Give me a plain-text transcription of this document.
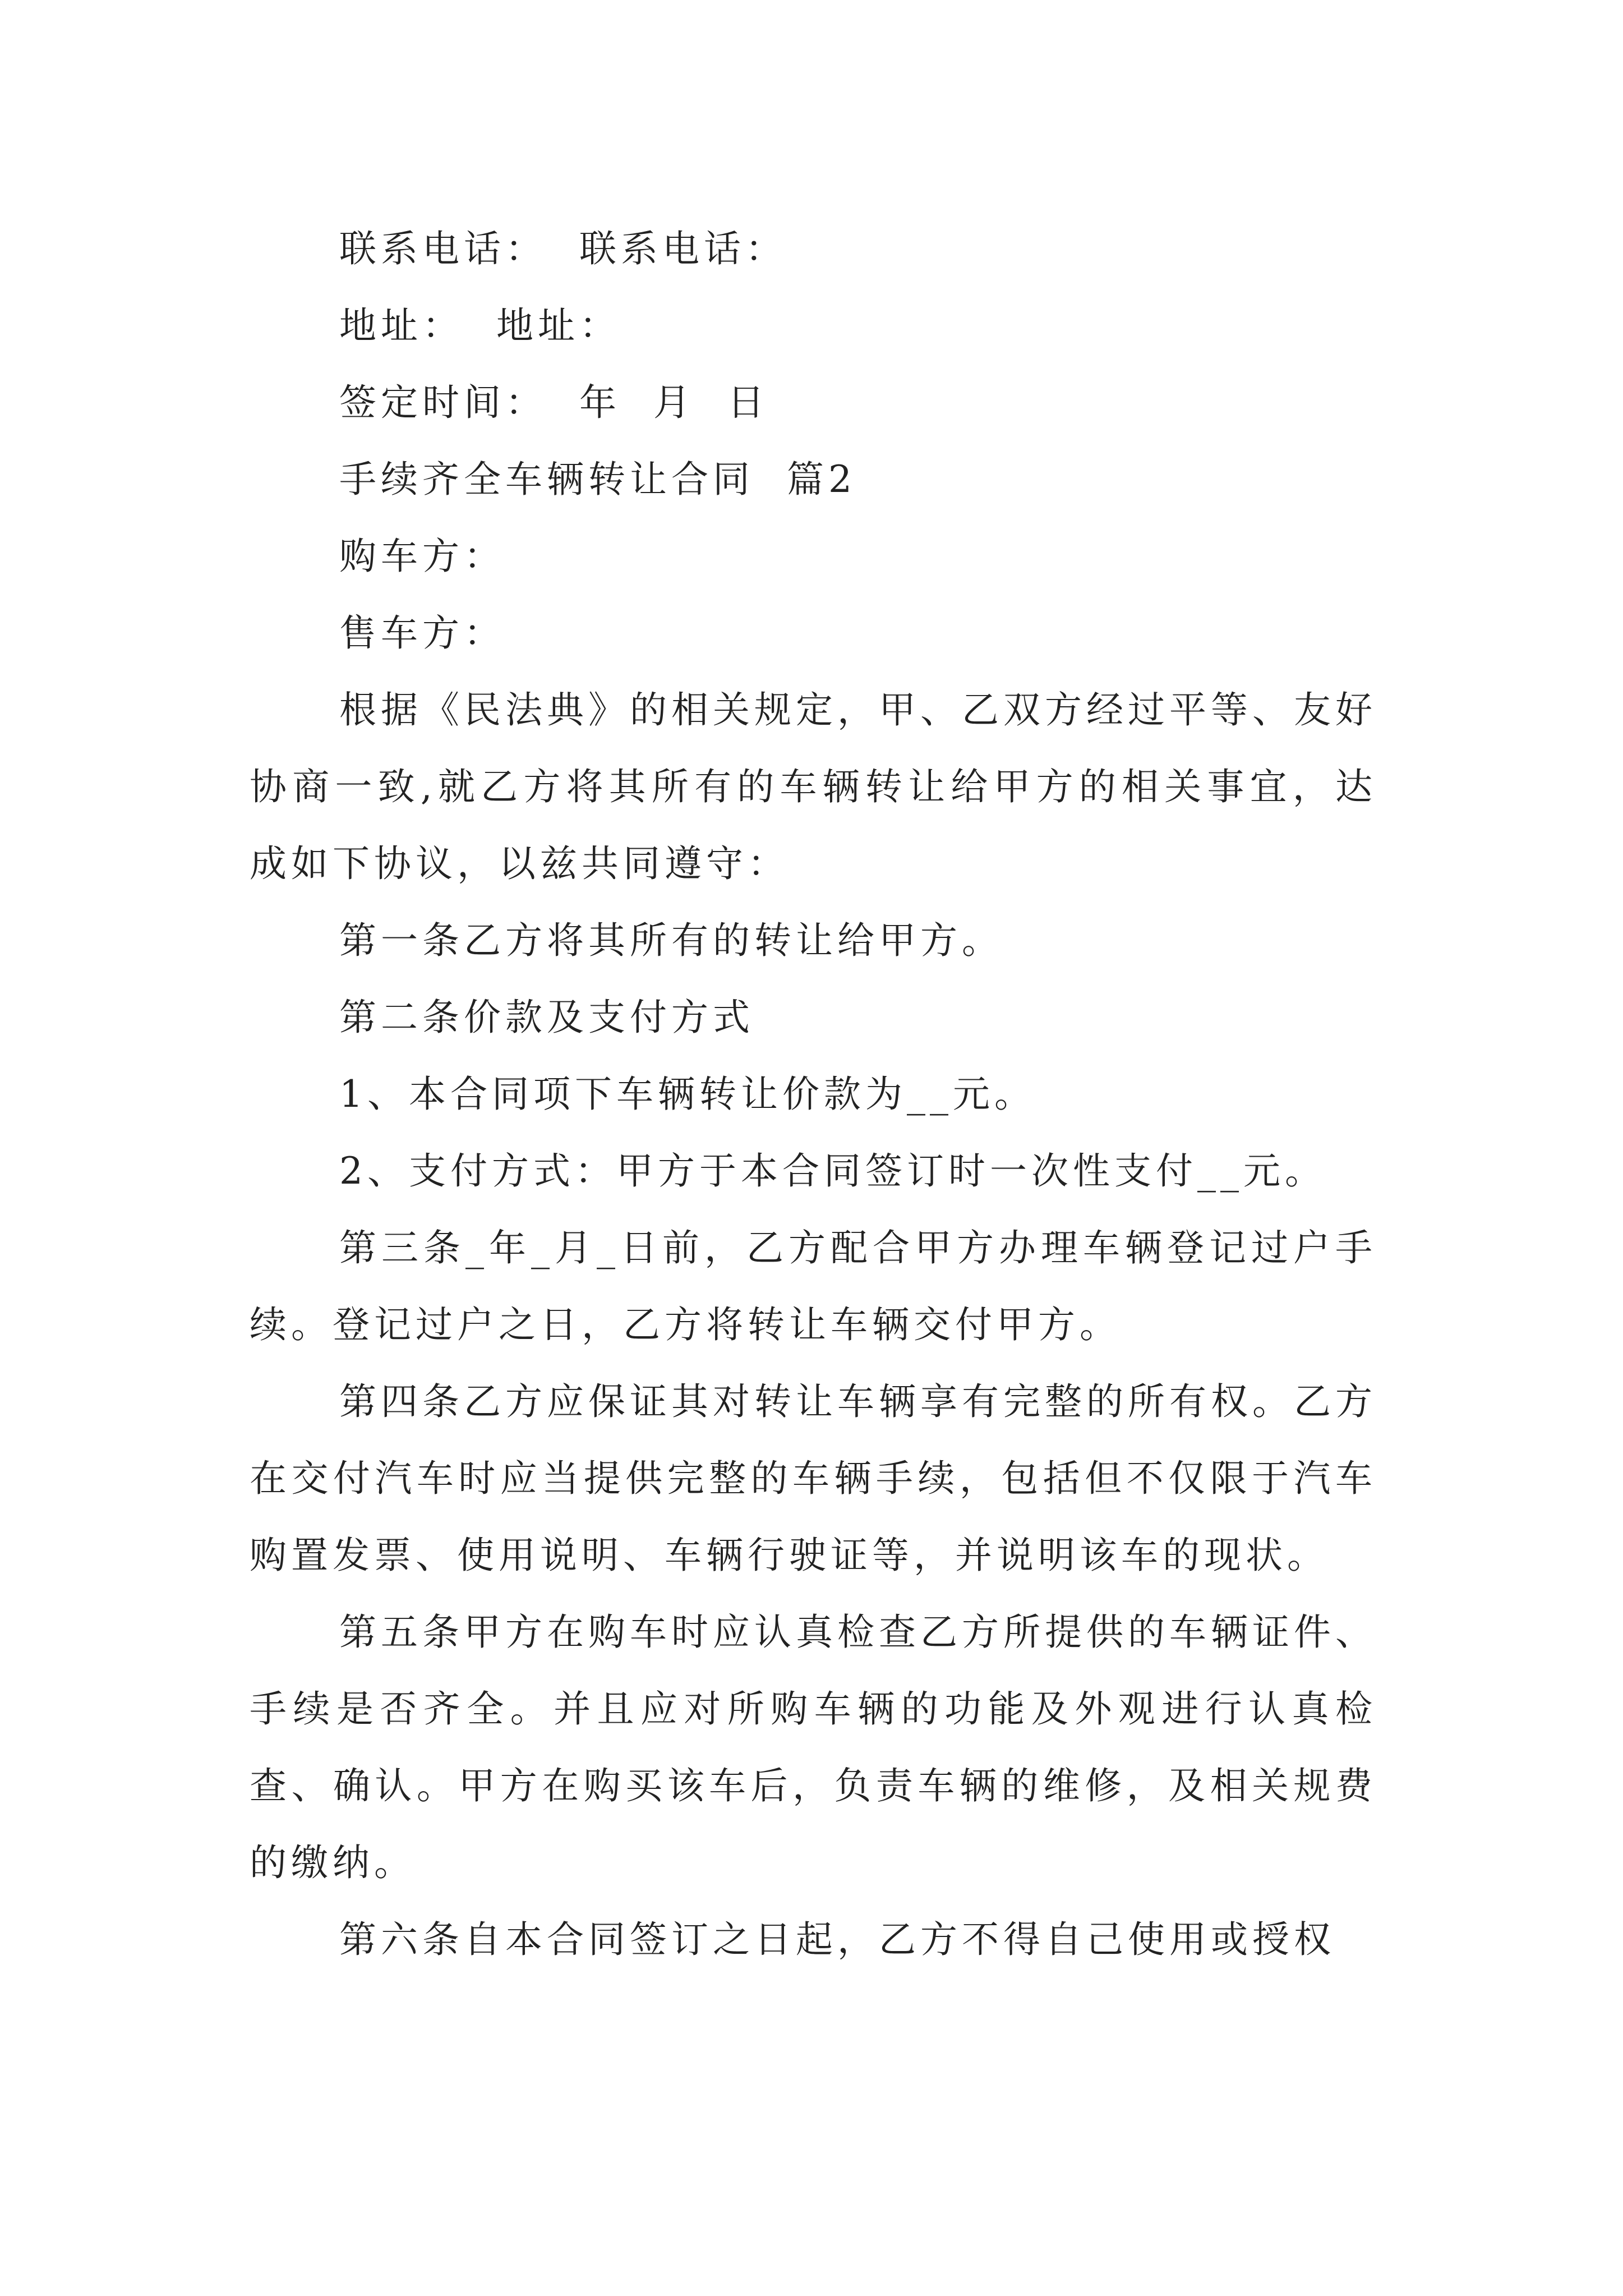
联系电话：  联系电话：

地址：  地址：

签定时间：  年  月  日

手续齐全车辆转让合同  篇2

购车方：

售车方：

根据《民法典》的相关规定，甲、乙双方经过平等、友好协商一致,就乙方将其所有的车辆转让给甲方的相关事宜，达成如下协议，以兹共同遵守：

第一条乙方将其所有的转让给甲方。

第二条价款及支付方式

1、本合同项下车辆转让价款为__元。

2、支付方式：甲方于本合同签订时一次性支付__元。

第三条_年_月_日前，乙方配合甲方办理车辆登记过户手续。登记过户之日，乙方将转让车辆交付甲方。

第四条乙方应保证其对转让车辆享有完整的所有权。乙方在交付汽车时应当提供完整的车辆手续，包括但不仅限于汽车购置发票、使用说明、车辆行驶证等，并说明该车的现状。

第五条甲方在购车时应认真检查乙方所提供的车辆证件、手续是否齐全。并且应对所购车辆的功能及外观进行认真检查、确认。甲方在购买该车后，负责车辆的维修，及相关规费的缴纳。

第六条自本合同签订之日起，乙方不得自己使用或授权
